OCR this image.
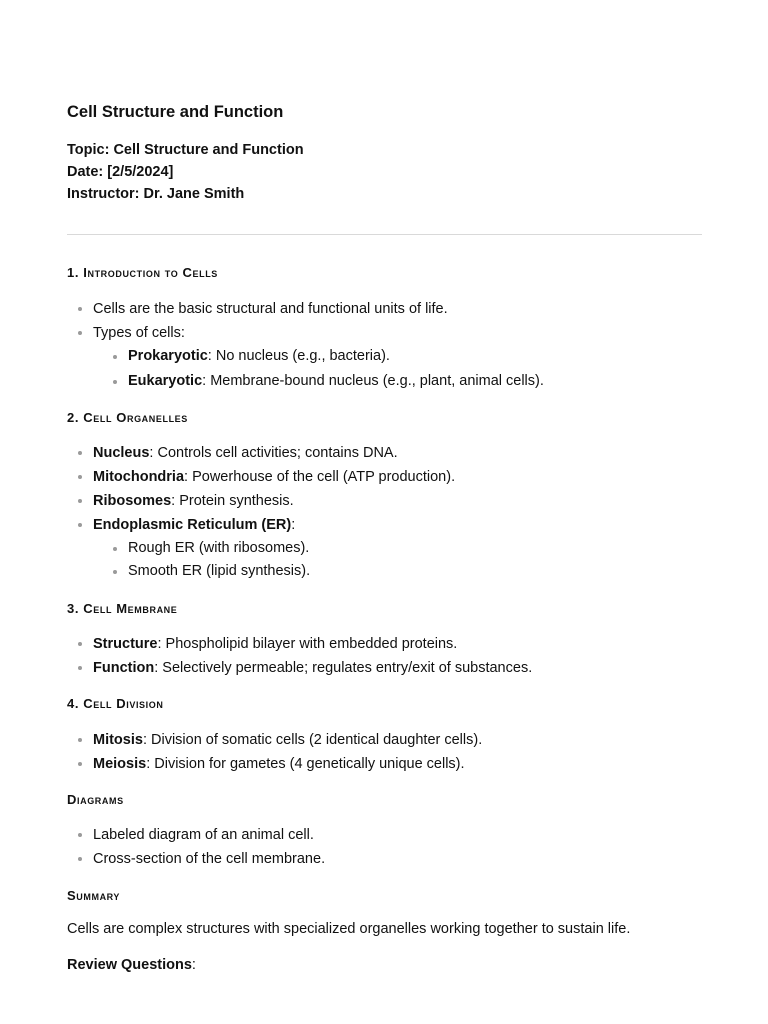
Cell Structure and Function
Topic: Cell Structure and Function
Date: [2/5/2024]
Instructor: Dr. Jane Smith
1. Introduction to Cells
Cells are the basic structural and functional units of life.
Types of cells:
Prokaryotic: No nucleus (e.g., bacteria).
Eukaryotic: Membrane-bound nucleus (e.g., plant, animal cells).
2. Cell Organelles
Nucleus: Controls cell activities; contains DNA.
Mitochondria: Powerhouse of the cell (ATP production).
Ribosomes: Protein synthesis.
Endoplasmic Reticulum (ER):
Rough ER (with ribosomes).
Smooth ER (lipid synthesis).
3. Cell Membrane
Structure: Phospholipid bilayer with embedded proteins.
Function: Selectively permeable; regulates entry/exit of substances.
4. Cell Division
Mitosis: Division of somatic cells (2 identical daughter cells).
Meiosis: Division for gametes (4 genetically unique cells).
Diagrams
Labeled diagram of an animal cell.
Cross-section of the cell membrane.
Summary

Cells are complex structures with specialized organelles working together to sustain life.

Review Questions:
